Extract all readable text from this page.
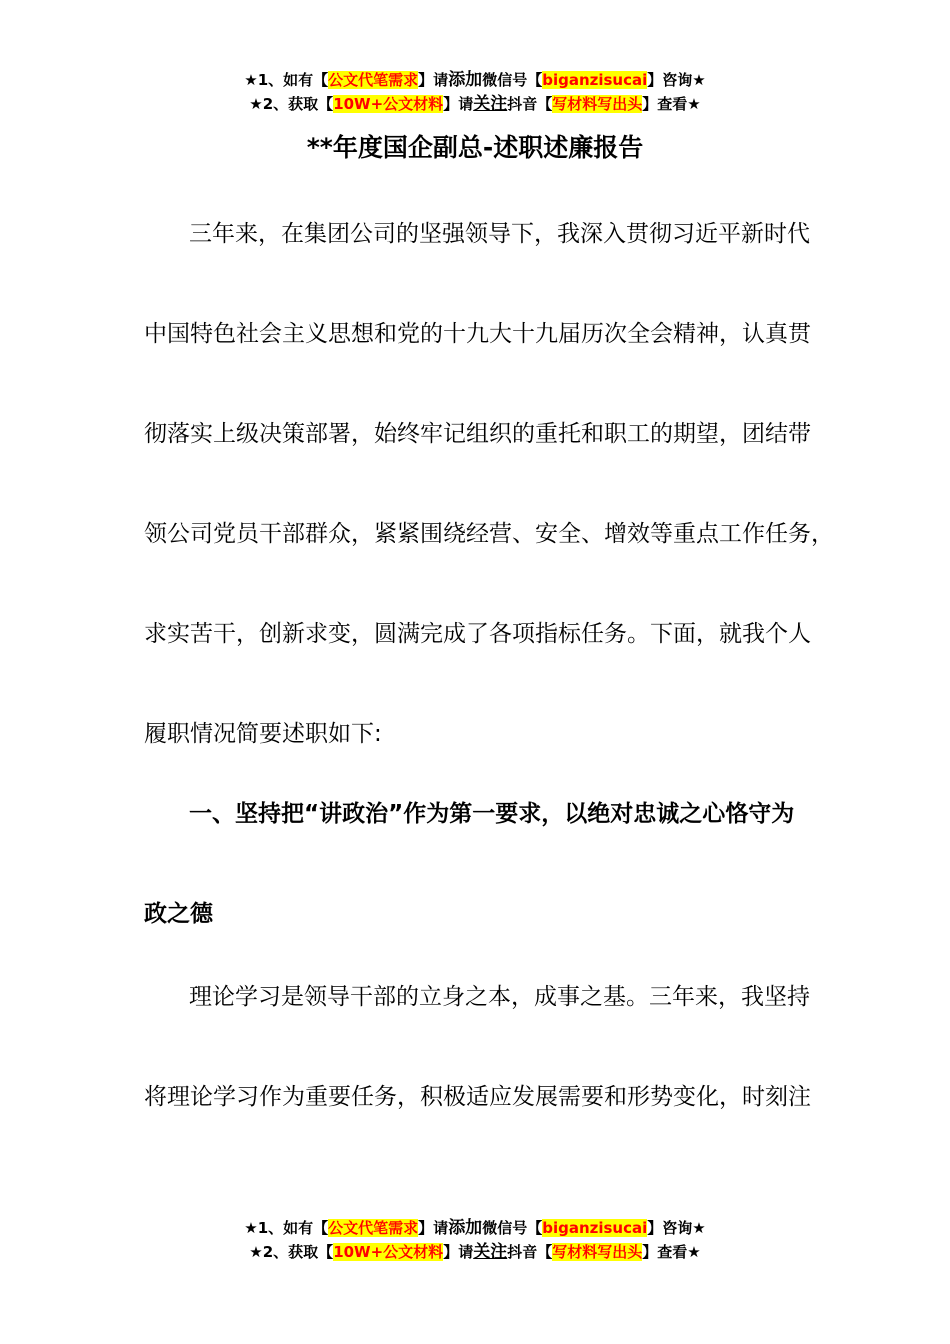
★1、如有【公文代笔需求】请添加微信号【biganzisucai】咨询★
★2、获取【10W+公文材料】请关注抖音【写材料写出头】查看★
**年度国企副总-述职述廉报告
三年来，在集团公司的坚强领导下，我深入贯彻习近平新时代
中国特色社会主义思想和党的十九大十九届历次全会精神，认真贯
彻落实上级决策部署，始终牢记组织的重托和职工的期望，团结带
领公司党员干部群众，紧紧围绕经营、安全、增效等重点工作任务，
求实苦干，创新求变，圆满完成了各项指标任务。下面，就我个人
履职情况简要述职如下:
一、坚持把“讲政治”作为第一要求，以绝对忠诚之心恪守为
政之德
理论学习是领导干部的立身之本，成事之基。三年来，我坚持
将理论学习作为重要任务，积极适应发展需要和形势变化，时刻注
★1、如有【公文代笔需求】请添加微信号【biganzisucai】咨询★
★2、获取【10W+公文材料】请关注抖音【写材料写出头】查看★
